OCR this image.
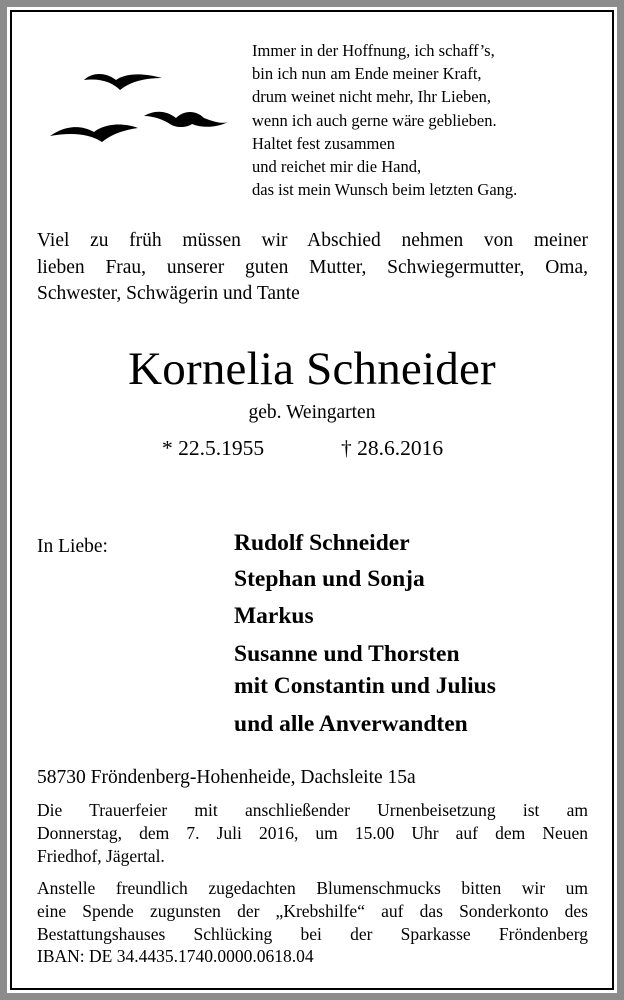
Immer in der Hoffnung, ich schaff’s,
bin ich nun am Ende meiner Kraft,
drum weinet nicht mehr, Ihr Lieben,
wenn ich auch gerne wäre geblieben.
Haltet fest zusammen
und reichet mir die Hand,
das ist mein Wunsch beim letzten Gang.
Viel zu früh müssen wir Abschied nehmen von meiner
lieben Frau, unserer guten Mutter, Schwiegermutter, Oma,
Schwester, Schwägerin und Tante
Kornelia Schneider
geb. Weingarten
* 22.5.1955	† 28.6.2016
In Liebe:	Rudolf Schneider
Stephan und Sonja
Markus
Susanne und Thorsten
mit Constantin und Julius
und alle Anverwandten
58730 Fröndenberg-Hohenheide, Dachsleite 15a
Die Trauerfeier mit anschließender Urnenbeisetzung ist am
Donnerstag, dem 7. Juli 2016, um 15.00 Uhr auf dem Neuen
Friedhof, Jägertal.
Anstelle freundlich zugedachten Blumenschmucks bitten wir um
eine Spende zugunsten der „Krebshilfe“ auf das Sonderkonto des
Bestattungshauses Schlücking bei der Sparkasse Fröndenberg
IBAN: DE 34.4435.1740.0000.0618.04
